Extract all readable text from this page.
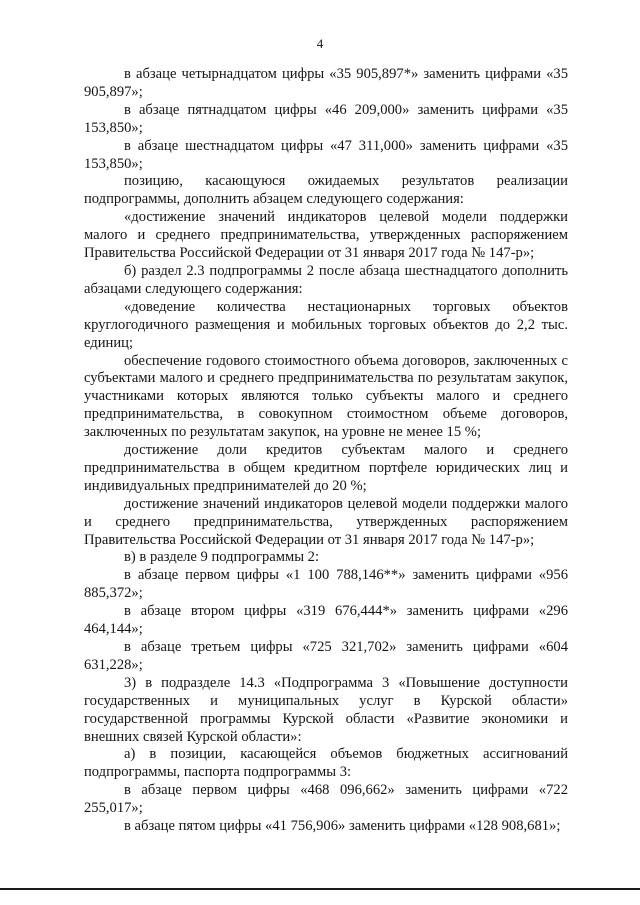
4

в абзаце четырнадцатом цифры «35 905,897*» заменить цифрами «35 905,897»;

в абзаце пятнадцатом цифры «46 209,000» заменить цифрами «35 153,850»;

в абзаце шестнадцатом цифры «47 311,000» заменить цифрами «35 153,850»;

позицию, касающуюся ожидаемых результатов реализации подпрограммы, дополнить абзацем следующего содержания:

«достижение значений индикаторов целевой модели поддержки малого и среднего предпринимательства, утвержденных распоряжением Правительства Российской Федерации от 31 января 2017 года № 147-р»;

б) раздел 2.3 подпрограммы 2 после абзаца шестнадцатого дополнить абзацами следующего содержания:

«доведение количества нестационарных торговых объектов круглогодичного размещения и мобильных торговых объектов до 2,2 тыс. единиц;

обеспечение годового стоимостного объема договоров, заключенных с субъектами малого и среднего предпринимательства по результатам закупок, участниками которых являются только субъекты малого и среднего предпринимательства, в совокупном стоимостном объеме договоров, заключенных по результатам закупок, на уровне не менее 15 %;

достижение доли кредитов субъектам малого и среднего предпринимательства в общем кредитном портфеле юридических лиц и индивидуальных предпринимателей до 20 %;

достижение значений индикаторов целевой модели поддержки малого и среднего предпринимательства, утвержденных распоряжением Правительства Российской Федерации от 31 января 2017 года № 147-р»;

в) в разделе 9 подпрограммы 2:

в абзаце первом цифры «1 100 788,146**» заменить цифрами «956 885,372»;

в абзаце втором цифры «319 676,444*» заменить цифрами «296 464,144»;

в абзаце третьем цифры «725 321,702» заменить цифрами «604 631,228»;

3) в подразделе 14.3 «Подпрограмма 3 «Повышение доступности государственных и муниципальных услуг в Курской области» государственной программы Курской области «Развитие экономики и внешних связей Курской области»:

а) в позиции, касающейся объемов бюджетных ассигнований подпрограммы, паспорта подпрограммы 3:

в абзаце первом цифры «468 096,662» заменить цифрами «722 255,017»;

в абзаце пятом цифры «41 756,906» заменить цифрами «128 908,681»;
